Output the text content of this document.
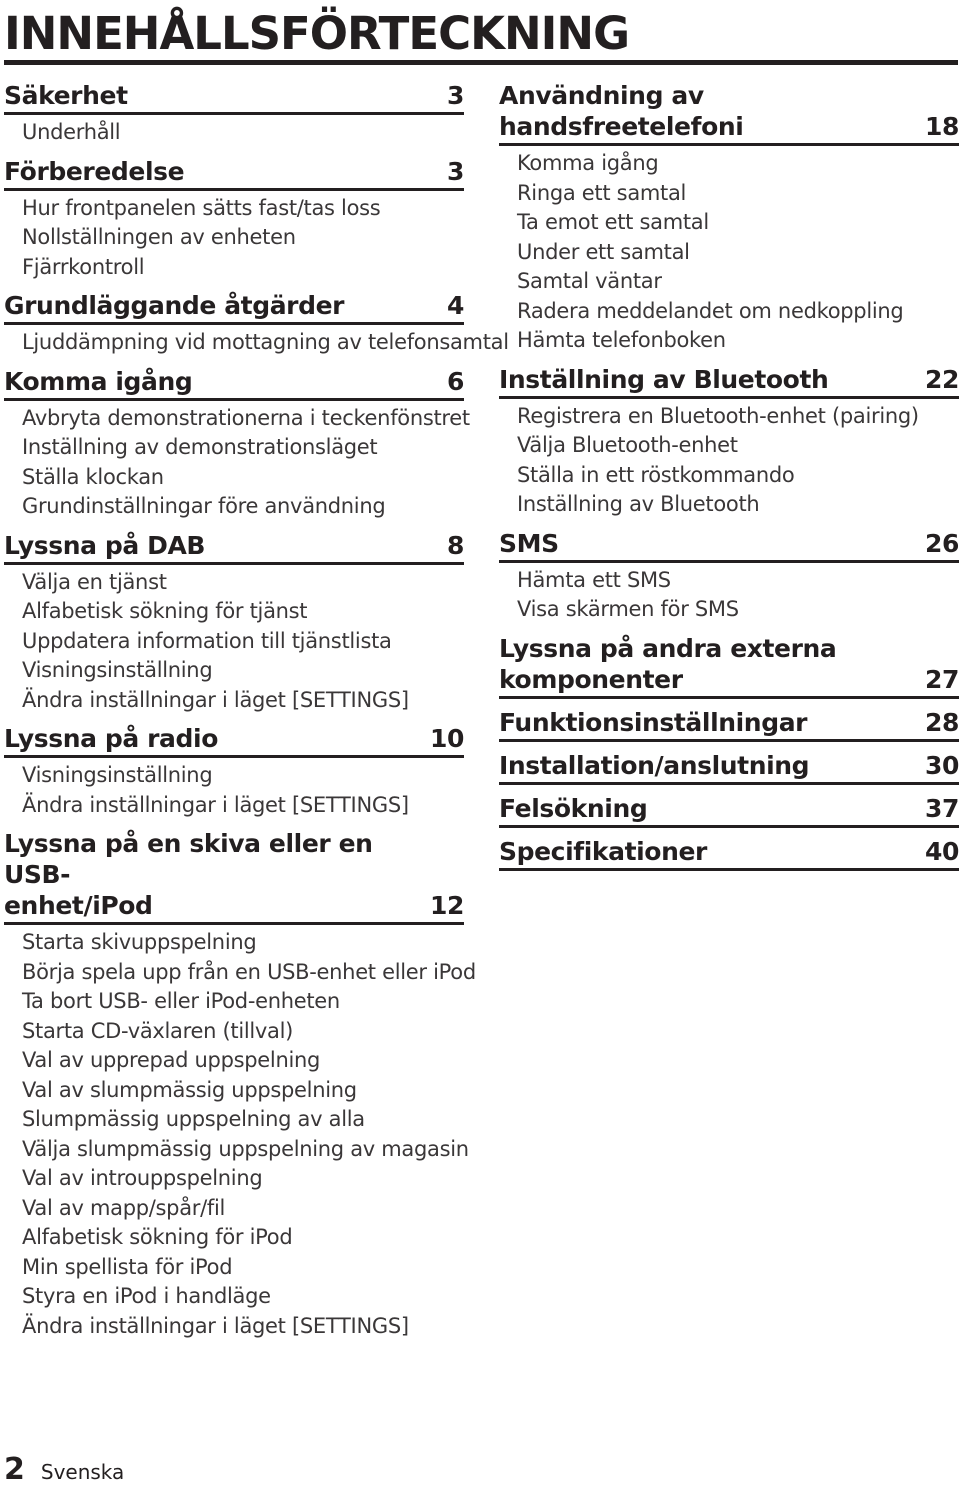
INNEHÅLLSFÖRTECKNING
Säkerhet	3
Underhåll
Förberedelse	3
Hur frontpanelen sätts fast/tas loss
Nollställningen av enheten
Fjärrkontroll
Grundläggande åtgärder	4
Ljuddämpning vid mottagning av telefonsamtal
Komma igång	6
Avbryta demonstrationerna i teckenfönstret
Inställning av demonstrationsläget
Ställa klockan
Grundinställningar före användning
Lyssna på DAB	8
Välja en tjänst
Alfabetisk sökning för tjänst
Uppdatera information till tjänstlista
Visningsinställning
Ändra inställningar i läget [SETTINGS]
Lyssna på radio	10
Visningsinställning
Ändra inställningar i läget [SETTINGS]
Lyssna på en skiva eller en USB-
enhet/iPod	12
Starta skivuppspelning
Börja spela upp från en USB-enhet eller iPod
Ta bort USB- eller iPod-enheten
Starta CD-växlaren (tillval)
Val av upprepad uppspelning
Val av slumpmässig uppspelning
Slumpmässig uppspelning av alla
Välja slumpmässig uppspelning av magasin
Val av introuppspelning
Val av mapp/spår/fil
Alfabetisk sökning för iPod
Min spellista för iPod
Styra en iPod i handläge
Ändra inställningar i läget [SETTINGS]
Användning av handsfreetelefoni	18
Komma igång
Ringa ett samtal
Ta emot ett samtal
Under ett samtal
Samtal väntar
Radera meddelandet om nedkoppling
Hämta telefonboken
Inställning av Bluetooth	22
Registrera en Bluetooth-enhet (pairing)
Välja Bluetooth-enhet
Ställa in ett röstkommando
Inställning av Bluetooth
SMS	26
Hämta ett SMS
Visa skärmen för SMS
Lyssna på andra externa
komponenter	27
Funktionsinställningar	28
Installation/anslutning	30
Felsökning	37
Specifikationer	40
2 Svenska
